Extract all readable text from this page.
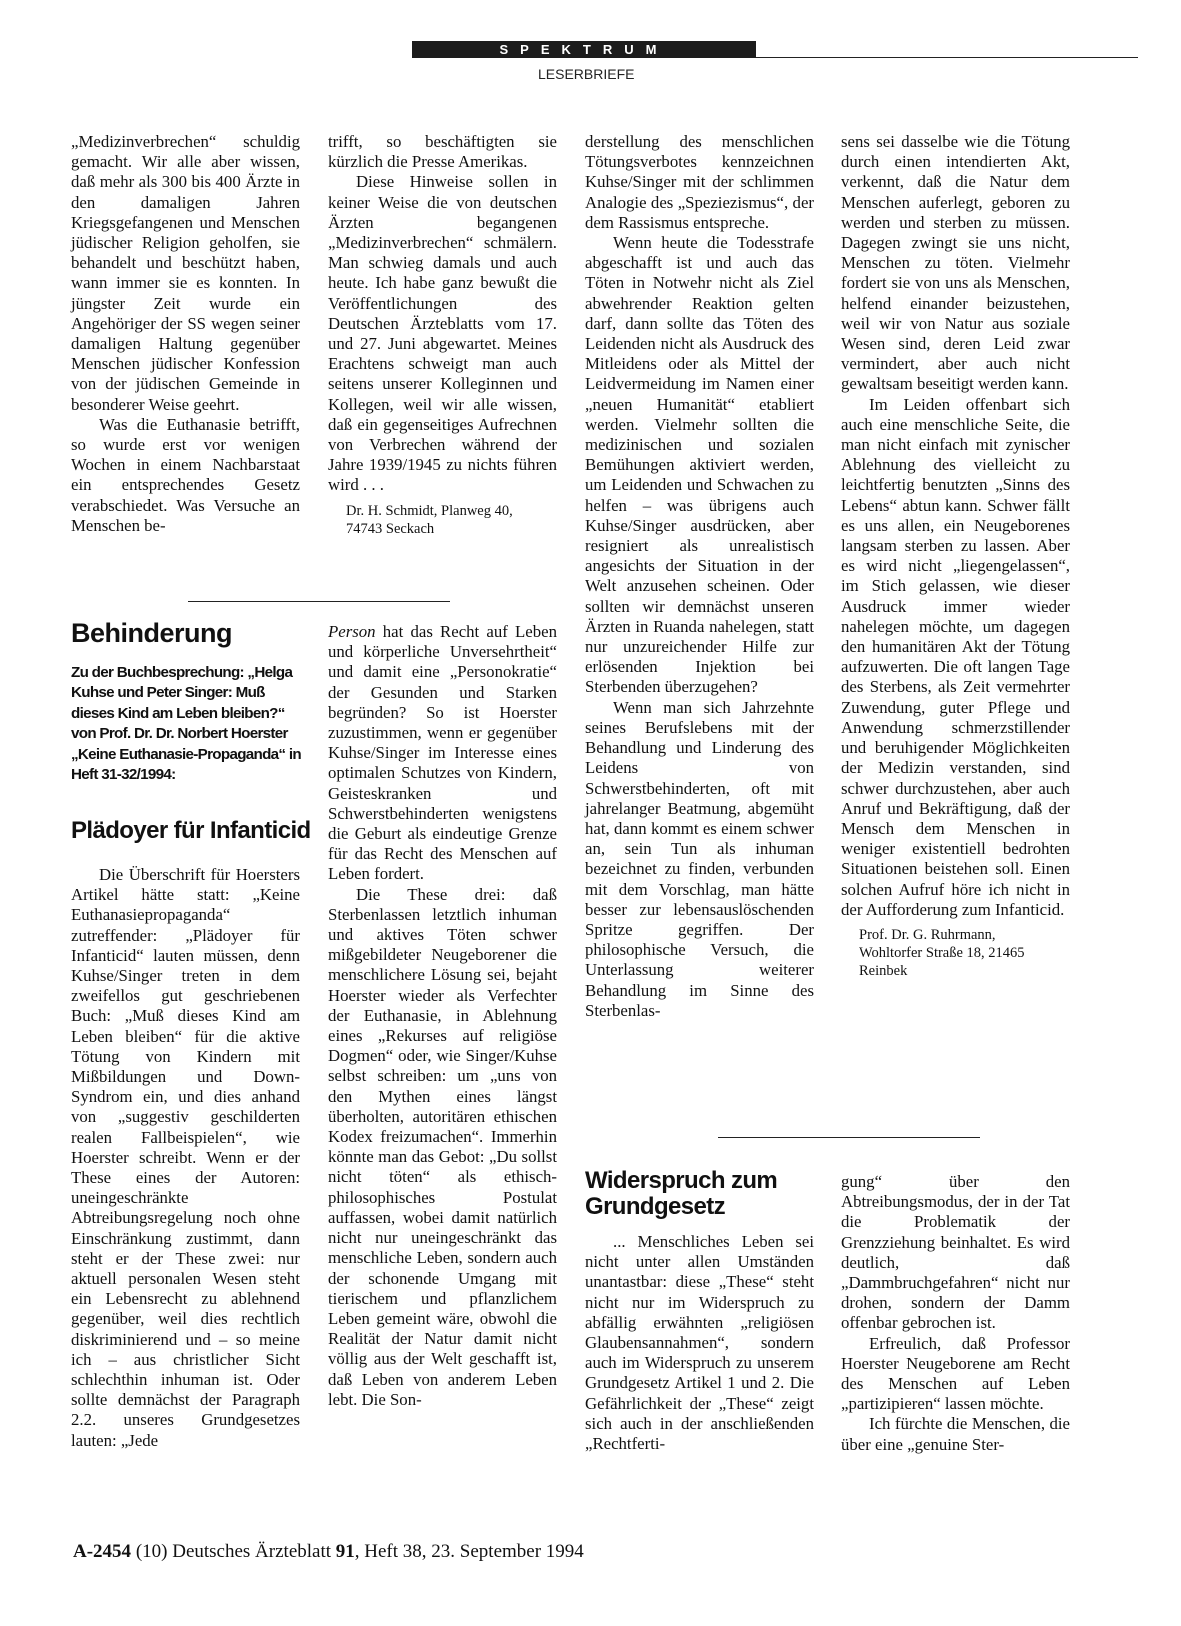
SPEKTRUM
LESERBRIEFE

„Medizinverbrechen“ schuldig gemacht. Wir alle aber wissen, daß mehr als 300 bis 400 Ärzte in den damaligen Jahren Kriegsgefangenen und Menschen jüdischer Religion geholfen, sie behandelt und beschützt haben, wann immer sie es konnten. In jüngster Zeit wurde ein Angehöriger der SS wegen seiner damaligen Haltung gegenüber Menschen jüdischer Konfession von der jüdischen Gemeinde in besonderer Weise geehrt.

Was die Euthanasie betrifft, so wurde erst vor wenigen Wochen in einem Nachbarstaat ein entsprechendes Gesetz verabschiedet. Was Versuche an Menschen be-

trifft, so beschäftigten sie kürzlich die Presse Amerikas.

Diese Hinweise sollen in keiner Weise die von deutschen Ärzten begangenen „Medizinverbrechen“ schmälern. Man schwieg damals und auch heute. Ich habe ganz bewußt die Veröffentlichungen des Deutschen Ärzteblatts vom 17. und 27. Juni abgewartet. Meines Erachtens schweigt man auch seitens unserer Kolleginnen und Kollegen, weil wir alle wissen, daß ein gegenseitiges Aufrechnen von Verbrechen während der Jahre 1939/1945 zu nichts führen wird . . .

Dr. H. Schmidt, Planweg 40,
74743 Seckach

Behinderung

Zu der Buchbesprechung: „Helga Kuhse und Peter Singer: Muß dieses Kind am Leben bleiben?“ von Prof. Dr. Dr. Norbert Hoerster „Keine Euthanasie-Propaganda“ in Heft 31-32/1994:

Plädoyer für Infanticid

Die Überschrift für Hoersters Artikel hätte statt: „Keine Euthanasiepropaganda“ zutreffender: „Plädoyer für Infanticid“ lauten müssen, denn Kuhse/Singer treten in dem zweifellos gut geschriebenen Buch: „Muß dieses Kind am Leben bleiben“ für die aktive Tötung von Kindern mit Mißbildungen und Down-Syndrom ein, und dies anhand von „suggestiv geschilderten realen Fallbeispielen“, wie Hoerster schreibt. Wenn er der These eines der Autoren: uneingeschränkte Abtreibungsregelung noch ohne Einschränkung zustimmt, dann steht er der These zwei: nur aktuell personalen Wesen steht ein Lebensrecht zu ablehnend gegenüber, weil dies rechtlich diskriminierend und – so meine ich – aus christlicher Sicht schlechthin inhuman ist. Oder sollte demnächst der Paragraph 2.2. unseres Grundgesetzes lauten: „Jede

Person hat das Recht auf Leben und körperliche Unversehrtheit“ und damit eine „Personokratie“ der Gesunden und Starken begründen? So ist Hoerster zuzustimmen, wenn er gegenüber Kuhse/Singer im Interesse eines optimalen Schutzes von Kindern, Geisteskranken und Schwerstbehinderten wenigstens die Geburt als eindeutige Grenze für das Recht des Menschen auf Leben fordert.

Die These drei: daß Sterbenlassen letztlich inhuman und aktives Töten schwer mißgebildeter Neugeborener die menschlichere Lösung sei, bejaht Hoerster wieder als Verfechter der Euthanasie, in Ablehnung eines „Rekurses auf religiöse Dogmen“ oder, wie Singer/Kuhse selbst schreiben: um „uns von den Mythen eines längst überholten, autoritären ethischen Kodex freizumachen“. Immerhin könnte man das Gebot: „Du sollst nicht töten“ als ethisch-philosophisches Postulat auffassen, wobei damit natürlich nicht nur uneingeschränkt das menschliche Leben, sondern auch der schonende Umgang mit tierischem und pflanzlichem Leben gemeint wäre, obwohl die Realität der Natur damit nicht völlig aus der Welt geschafft ist, daß Leben von anderem Leben lebt. Die Son-

derstellung des menschlichen Tötungsverbotes kennzeichnen Kuhse/Singer mit der schlimmen Analogie des „Speziezismus“, der dem Rassismus entspreche.

Wenn heute die Todesstrafe abgeschafft ist und auch das Töten in Notwehr nicht als Ziel abwehrender Reaktion gelten darf, dann sollte das Töten des Leidenden nicht als Ausdruck des Mitleidens oder als Mittel der Leidvermeidung im Namen einer „neuen Humanität“ etabliert werden. Vielmehr sollten die medizinischen und sozialen Bemühungen aktiviert werden, um Leidenden und Schwachen zu helfen – was übrigens auch Kuhse/Singer ausdrücken, aber resigniert als unrealistisch angesichts der Situation in der Welt anzusehen scheinen. Oder sollten wir demnächst unseren Ärzten in Ruanda nahelegen, statt nur unzureichender Hilfe zur erlösenden Injektion bei Sterbenden überzugehen?

Wenn man sich Jahrzehnte seines Berufslebens mit der Behandlung und Linderung des Leidens von Schwerstbehinderten, oft mit jahrelanger Beatmung, abgemüht hat, dann kommt es einem schwer an, sein Tun als inhuman bezeichnet zu finden, verbunden mit dem Vorschlag, man hätte besser zur lebensauslöschenden Spritze gegriffen. Der philosophische Versuch, die Unterlassung weiterer Behandlung im Sinne des Sterbenlas-

sens sei dasselbe wie die Tötung durch einen intendierten Akt, verkennt, daß die Natur dem Menschen auferlegt, geboren zu werden und sterben zu müssen. Dagegen zwingt sie uns nicht, Menschen zu töten. Vielmehr fordert sie von uns als Menschen, helfend einander beizustehen, weil wir von Natur aus soziale Wesen sind, deren Leid zwar vermindert, aber auch nicht gewaltsam beseitigt werden kann.

Im Leiden offenbart sich auch eine menschliche Seite, die man nicht einfach mit zynischer Ablehnung des vielleicht zu leichtfertig benutzten „Sinns des Lebens“ abtun kann. Schwer fällt es uns allen, ein Neugeborenes langsam sterben zu lassen. Aber es wird nicht „liegengelassen“, im Stich gelassen, wie dieser Ausdruck immer wieder nahelegen möchte, um dagegen den humanitären Akt der Tötung aufzuwerten. Die oft langen Tage des Sterbens, als Zeit vermehrter Zuwendung, guter Pflege und Anwendung schmerzstillender und beruhigender Möglichkeiten der Medizin verstanden, sind schwer durchzustehen, aber auch Anruf und Bekräftigung, daß der Mensch dem Menschen in weniger existentiell bedrohten Situationen beistehen soll. Einen solchen Aufruf höre ich nicht in der Aufforderung zum Infanticid.

Prof. Dr. G. Ruhrmann,
Wohltorfer Straße 18, 21465
Reinbek

Widerspruch zum Grundgesetz

... Menschliches Leben sei nicht unter allen Umständen unantastbar: diese „These“ steht nicht nur im Widerspruch zu abfällig erwähnten „religiösen Glaubensannahmen“, sondern auch im Widerspruch zu unserem Grundgesetz Artikel 1 und 2. Die Gefährlichkeit der „These“ zeigt sich auch in der anschließenden „Rechtferti-

gung“ über den Abtreibungsmodus, der in der Tat die Problematik der Grenzziehung beinhaltet. Es wird deutlich, daß „Dammbruchgefahren“ nicht nur drohen, sondern der Damm offenbar gebrochen ist.

Erfreulich, daß Professor Hoerster Neugeborene am Recht des Menschen auf Leben „partizipieren“ lassen möchte.

Ich fürchte die Menschen, die über eine „genuine Ster-

A-2454 (10) Deutsches Ärzteblatt 91, Heft 38, 23. September 1994
